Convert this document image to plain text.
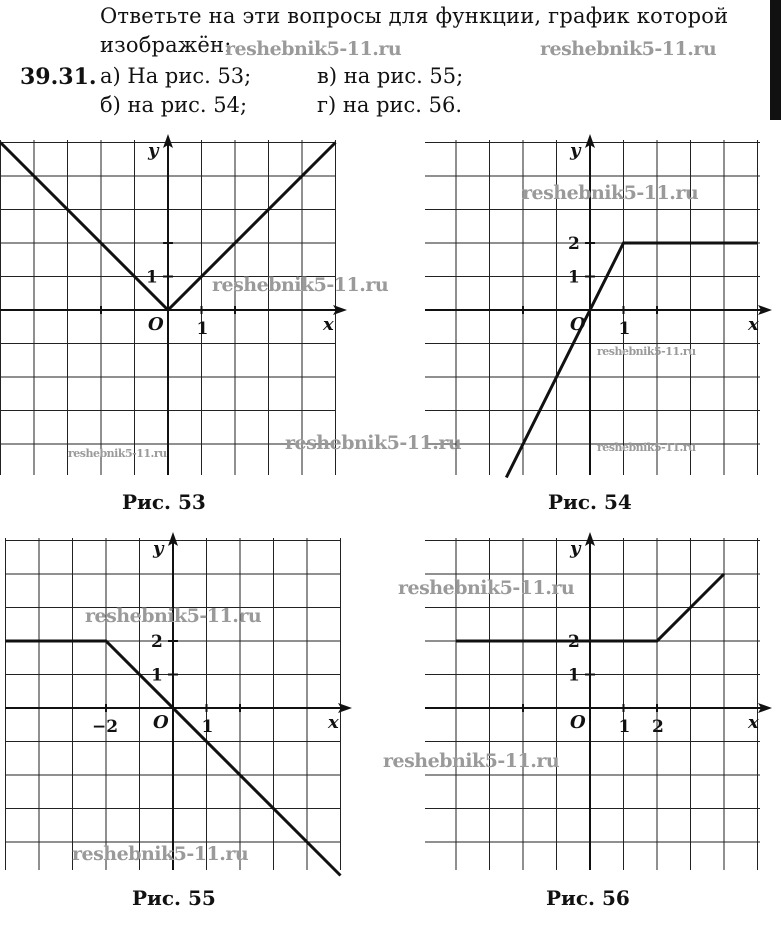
Ответьте на эти вопросы для функции, график которой
изображён:
39.31. а) На рис. 53;	в) на рис. 55;
б) на рис. 54;	г) на рис. 56.
x
y
O 1
1
x
y
O 1
1
2
x
y
O 1
−2
1
2
x
y
O 1 2
1
2
Рис. 53	Рис. 54
Рис. 55	Рис. 56
reshebnik5-11.ru	reshebnik5-11.ru
reshebnik5-11.ru
reshebnik5-11.ru
reshebnik5-11.ru
reshebnik5-11.ru	reshebnik5-11.ru
reshebnik5-11.ru
reshebnik5-11.ru
reshebnik5-11.ru
reshebnik5-11.ru
reshebnik5-11.ru
